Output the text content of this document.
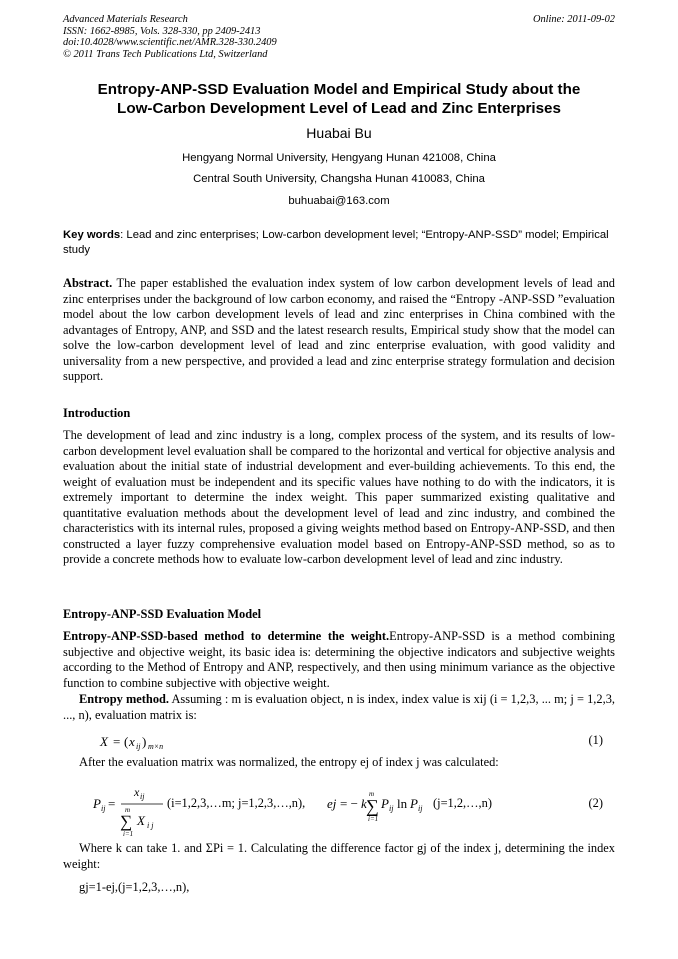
Advanced Materials Research
ISSN: 1662-8985, Vols. 328-330, pp 2409-2413
doi:10.4028/www.scientific.net/AMR.328-330.2409
© 2011 Trans Tech Publications Ltd, Switzerland
Online: 2011-09-02
Entropy-ANP-SSD Evaluation Model and Empirical Study about the
Low-Carbon Development Level of Lead and Zinc Enterprises
Huabai Bu
Hengyang Normal University, Hengyang Hunan 421008, China
Central South University, Changsha Hunan 410083, China
buhuabai@163.com
Key words: Lead and zinc enterprises; Low-carbon development level; “Entropy-ANP-SSD” model; Empirical study
Abstract. The paper established the evaluation index system of low carbon development levels of lead and zinc enterprises under the background of low carbon economy, and raised the “Entropy -ANP-SSD ”evaluation model about the low carbon development levels of lead and zinc enterprises in China combined with the advantages of Entropy, ANP, and SSD and the latest research results, Empirical study show that the model can solve the low-carbon development level of lead and zinc enterprise evaluation, with good validity and universality from a new perspective, and provided a lead and zinc enterprise strategy formulation and decision support.
Introduction
The development of lead and zinc industry is a long, complex process of the system, and its results of low-carbon development level evaluation shall be compared to the horizontal and vertical for objective analysis and evaluation about the initial state of industrial development and ever-building achievements. To this end, the weight of evaluation must be independent and its specific values have nothing to do with the indicators, it is extremely important to determine the index weight. This paper summarized existing qualitative and quantitative evaluation methods about the development level of lead and zinc industry, and combined the characteristics with its internal rules, proposed a giving weights method based on Entropy-ANP-SSD, and then constructed a layer fuzzy comprehensive evaluation model based on Entropy-ANP-SSD method, so as to provide a concrete methods how to evaluate low-carbon development level of lead and zinc industry.
Entropy-ANP-SSD Evaluation Model
Entropy-ANP-SSD-based method to determine the weight.Entropy-ANP-SSD is a method combining subjective and objective weight, its basic idea is: determining the objective indicators and subjective weights according to the Method of Entropy and ANP, respectively, and then using minimum variance as the objective function to combine subjective with objective weight.
Entropy method. Assuming : m is evaluation object, n is index, index value is xij (i = 1,2,3, ... m; j = 1,2,3, ..., n), evaluation matrix is:
X = ( x ij ) m×n	(1)
After the evaluation matrix was normalized, the entropy ej of index j was calculated:
P ij =
x ij
m
∑
i=1
X i j
(i=1,2,3,…m; j=1,2,3,…,n), ej = − k
m
∑
i=1
P ij ln P ij (j=1,2,…,n)	(2)
Where k can take 1. and ΣPi = 1. Calculating the difference factor gj of the index j, determining the index weight:
gj=1-ej,(j=1,2,3,…,n),
